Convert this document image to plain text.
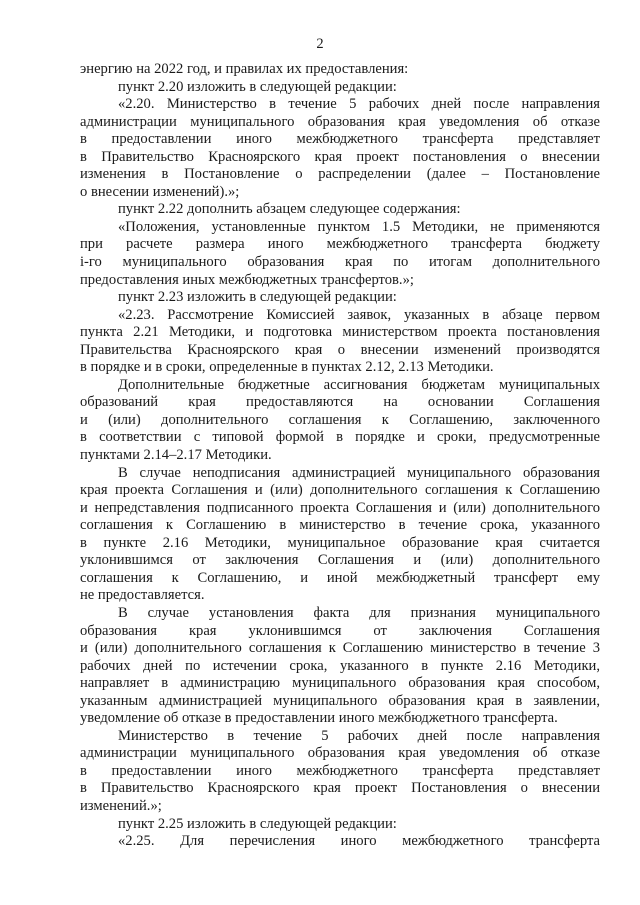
2
энергию на 2022 год, и правилах их предоставления:
пункт 2.20 изложить в следующей редакции:
«2.20. Министерство в течение 5 рабочих дней после направления
администрации муниципального образования края уведомления об отказе
в предоставлении иного межбюджетного трансферта представляет
в Правительство Красноярского края проект постановления о внесении
изменения в Постановление о распределении (далее – Постановление
о внесении изменений).»;
пункт 2.22 дополнить абзацем следующее содержания:
«Положения, установленные пунктом 1.5 Методики, не применяются
при расчете размера иного межбюджетного трансферта бюджету
i-го муниципального образования края по итогам дополнительного
предоставления иных межбюджетных трансфертов.»;
пункт 2.23 изложить в следующей редакции:
«2.23. Рассмотрение Комиссией заявок, указанных в абзаце первом
пункта 2.21 Методики, и подготовка министерством проекта постановления
Правительства Красноярского края о внесении изменений производятся
в порядке и в сроки, определенные в пунктах 2.12, 2.13 Методики.
Дополнительные бюджетные ассигнования бюджетам муниципальных
образований края предоставляются на основании Соглашения
и (или) дополнительного соглашения к Соглашению, заключенного
в соответствии с типовой формой в порядке и сроки, предусмотренные
пунктами 2.14–2.17 Методики.
В случае неподписания администрацией муниципального образования
края проекта Соглашения и (или) дополнительного соглашения к Соглашению
и непредставления подписанного проекта Соглашения и (или) дополнительного
соглашения к Соглашению в министерство в течение срока, указанного
в пункте 2.16 Методики, муниципальное образование края считается
уклонившимся от заключения Соглашения и (или) дополнительного
соглашения к Соглашению, и иной межбюджетный трансферт ему
не предоставляется.
В случае установления факта для признания муниципального
образования края уклонившимся от заключения Соглашения
и (или) дополнительного соглашения к Соглашению министерство в течение 3
рабочих дней по истечении срока, указанного в пункте 2.16 Методики,
направляет в администрацию муниципального образования края способом,
указанным администрацией муниципального образования края в заявлении,
уведомление об отказе в предоставлении иного межбюджетного трансферта.
Министерство в течение 5 рабочих дней после направления
администрации муниципального образования края уведомления об отказе
в предоставлении иного межбюджетного трансферта представляет
в Правительство Красноярского края проект Постановления о внесении
изменений.»;
пункт 2.25 изложить в следующей редакции:
«2.25. Для перечисления иного межбюджетного трансферта
